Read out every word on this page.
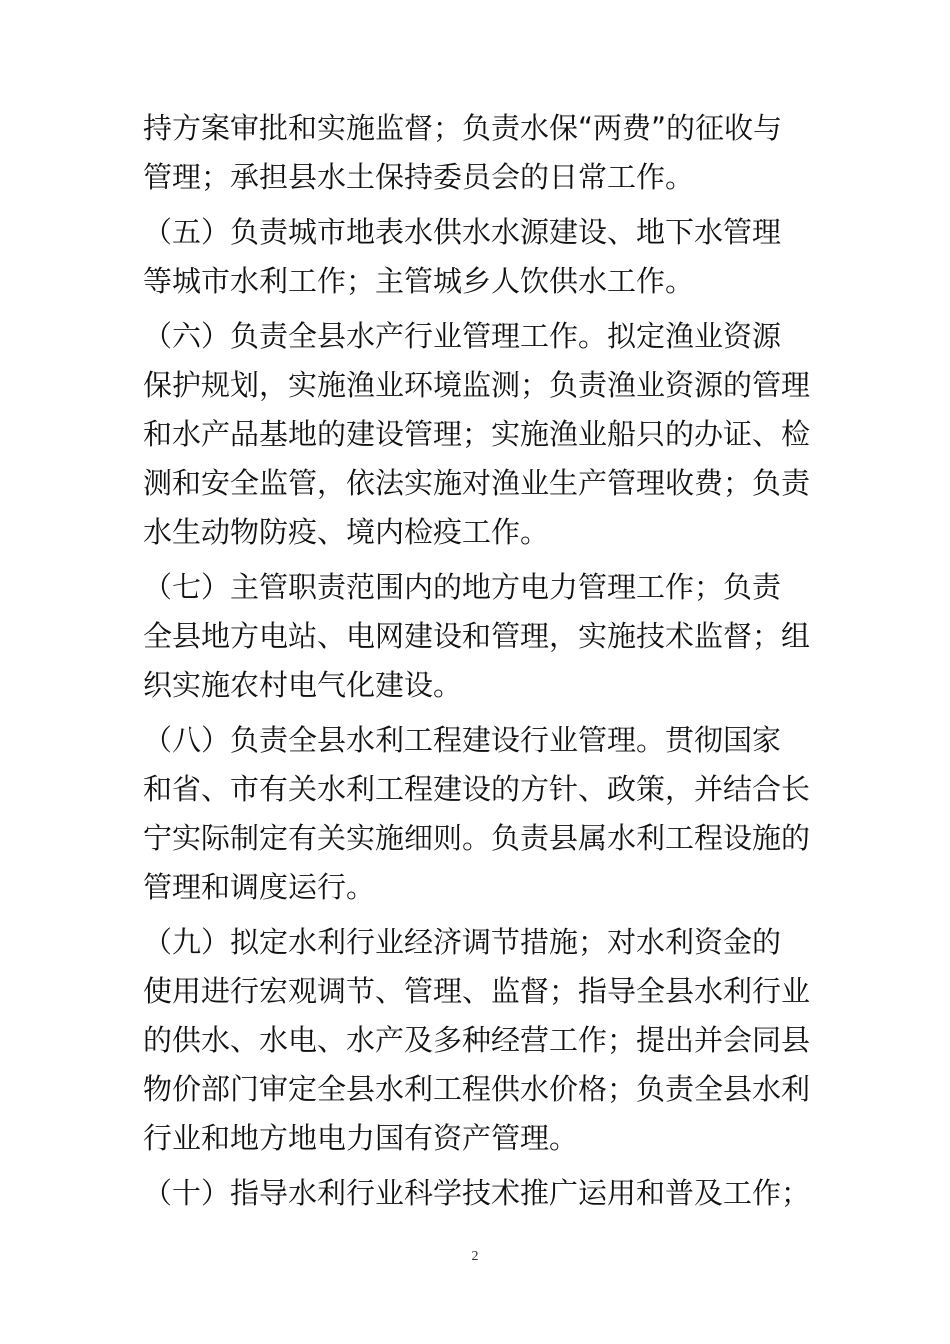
持方案审批和实施监督；负责水保“两费”的征收与
管理；承担县水土保持委员会的日常工作。

（五）负责城市地表水供水水源建设、地下水管理
等城市水利工作；主管城乡人饮供水工作。

（六）负责全县水产行业管理工作。拟定渔业资源
保护规划，实施渔业环境监测；负责渔业资源的管理
和水产品基地的建设管理；实施渔业船只的办证、检
测和安全监管，依法实施对渔业生产管理收费；负责
水生动物防疫、境内检疫工作。

（七）主管职责范围内的地方电力管理工作；负责
全县地方电站、电网建设和管理，实施技术监督；组
织实施农村电气化建设。

（八）负责全县水利工程建设行业管理。贯彻国家
和省、市有关水利工程建设的方针、政策，并结合长
宁实际制定有关实施细则。负责县属水利工程设施的
管理和调度运行。

（九）拟定水利行业经济调节措施；对水利资金的
使用进行宏观调节、管理、监督；指导全县水利行业
的供水、水电、水产及多种经营工作；提出并会同县
物价部门审定全县水利工程供水价格；负责全县水利
行业和地方地电力国有资产管理。

（十）指导水利行业科学技术推广运用和普及工作；

2
